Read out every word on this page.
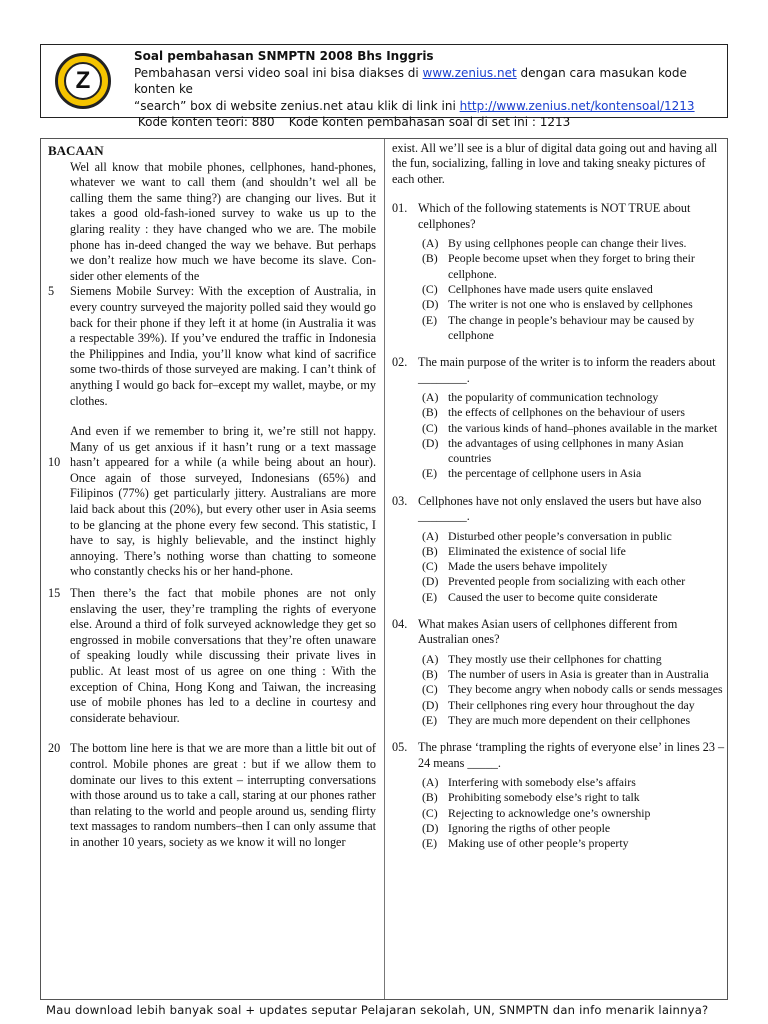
Z
Soal pembahasan SNMPTN 2008 Bhs Inggris
Pembahasan versi video soal ini bisa diakses di www.zenius.net dengan cara masukan kode konten ke
“search” box di website zenius.net atau klik di link ini http://www.zenius.net/kontensoal/1213
Kode konten teori: 880 Kode konten pembahasan soal di set ini : 1213
BACAAN

Wel all know that mobile phones, cellphones, hand-phones, whatever we want to call them (and shouldn’t wel all be calling them the same thing?) are changing our lives. But it takes a good old-fash-ioned survey to wake us up to the glaring reality : they have changed who we are. The mobile phone has in-deed changed the way we behave. But perhaps we don’t realize how much we have become its slave. Con-sider other elements of the

5 Siemens Mobile Survey: With the exception of Australia, in every country surveyed the majority polled said they would go back for their phone if they left it at home (in Australia it was a respectable 39%). If you’ve endured the traffic in Indonesia the Philippines and India, you’ll know what kind of sacrifice some two-thirds of those surveyed are making. I can’t think of anything I would go back for–except my wallet, maybe, or my clothes.

10
And even if we remember to bring it, we’re still not happy. Many of us get anxious if it hasn’t rung or a text massage hasn’t appeared for a while (a while being about an hour). Once again of those surveyed, Indonesians (65%) and Filipinos (77%) get particularly jittery. Australians are more laid back about this (20%), but every other user in Asia seems to be glancing at the phone every few second. This statistic, I have to say, is highly believable, and the instinct highly annoying. There’s nothing worse than chatting to someone who constantly checks his or her hand-phone.

15 Then there’s the fact that mobile phones are not only enslaving the user, they’re trampling the rights of everyone else. Around a third of folk surveyed acknowledge they get so engrossed in mobile conversations that they’re often unaware of speaking loudly while discussing their private lives in public. At least most of us agree on one thing : With the exception of China, Hong Kong and Taiwan, the increasing use of mobile phones has led to a decline in courtesy and considerate behaviour.

20 The bottom line here is that we are more than a little bit out of control. Mobile phones are great : but if we allow them to dominate our lives to this extent – interrupting conversations with those around us to take a call, staring at our phones rather than relating to the world and people around us, sending flirty text massages to random numbers–then I can only assume that in another 10 years, society as we know it will no longer

exist. All we’ll see is a blur of digital data going out and having all the fun, socializing, falling in love and taking sneaky pictures of each other.

01. Which of the following statements is NOT TRUE about cellphones?
(A) By using cellphones people can change their lives.
(B) People become upset when they forget to bring their cellphone.
(C) Cellphones have made users quite enslaved
(D) The writer is not one who is enslaved by cellphones
(E) The change in people’s behaviour may be caused by cellphone
02. The main purpose of the writer is to inform the readers about ________.
(A) the popularity of communication technology
(B) the effects of cellphones on the behaviour of users
(C) the various kinds of hand–phones available in the market
(D) the advantages of using cellphones in many Asian countries
(E) the percentage of cellphone users in Asia
03. Cellphones have not only enslaved the users but have also ________.
(A) Disturbed other people’s conversation in public
(B) Eliminated the existence of social life
(C) Made the users behave impolitely
(D) Prevented people from socializing with each other
(E) Caused the user to become quite considerate
04. What makes Asian users of cellphones different from Australian ones?
(A) They mostly use their cellphones for chatting
(B) The number of users in Asia is greater than in Australia
(C) They become angry when nobody calls or sends messages
(D) Their cellphones ring every hour throughout the day
(E) They are much more dependent on their cellphones
05. The phrase ‘trampling the rights of everyone else’ in lines 23 – 24 means _____.
(A) Interfering with somebody else’s affairs
(B) Prohibiting somebody else’s right to talk
(C) Rejecting to acknowledge one’s ownership
(D) Ignoring the rigths of other people
(E) Making use of other people’s property
Mau download lebih banyak soal + updates seputar Pelajaran sekolah, UN, SNMPTN dan info menarik lainnya?
